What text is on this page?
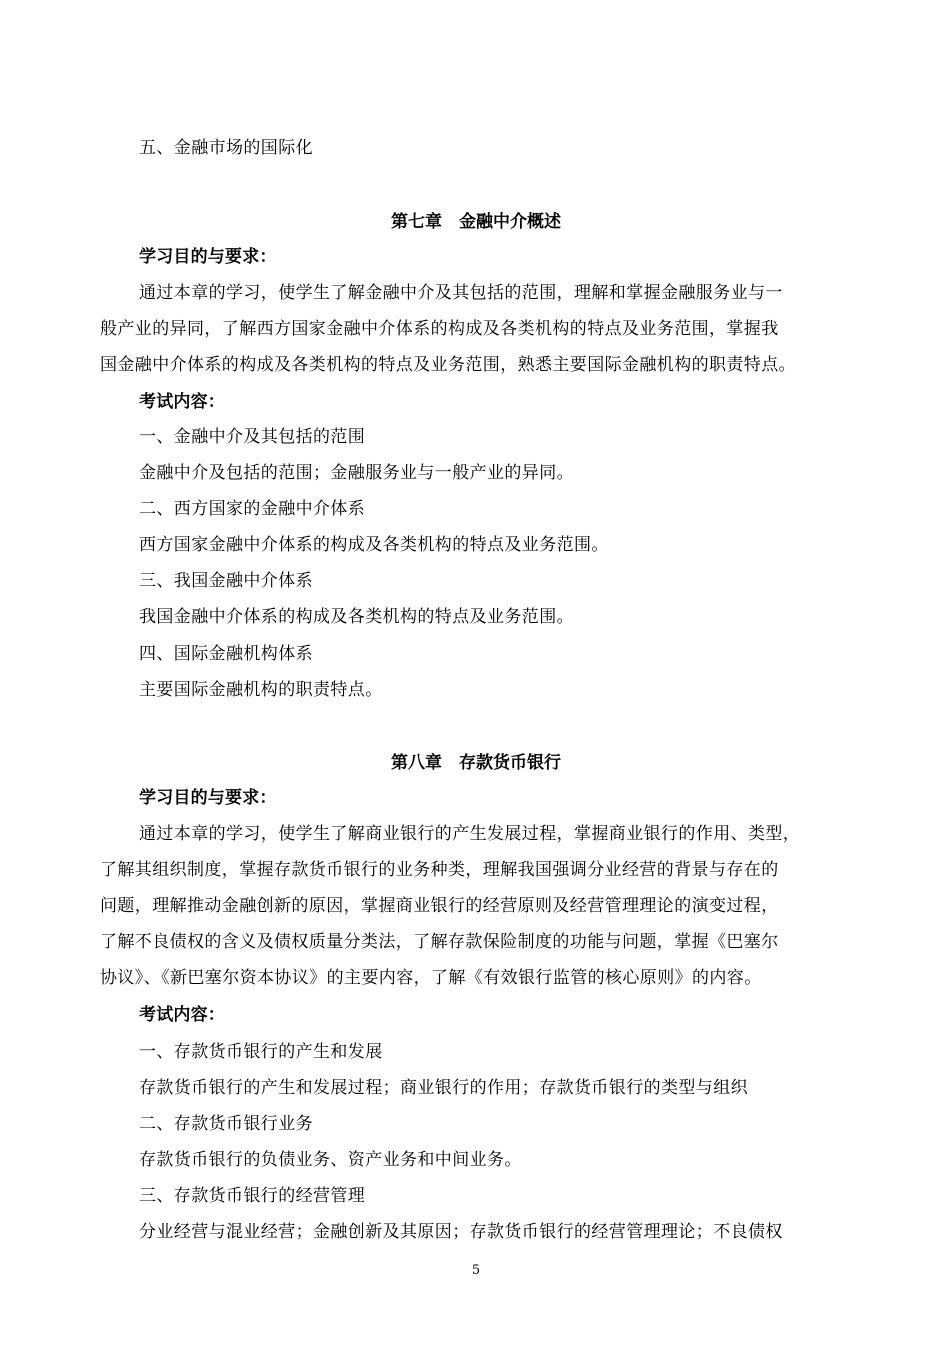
五、金融市场的国际化
第七章　金融中介概述
学习目的与要求：
通过本章的学习，使学生了解金融中介及其包括的范围，理解和掌握金融服务业与一
般产业的异同，了解西方国家金融中介体系的构成及各类机构的特点及业务范围，掌握我
国金融中介体系的构成及各类机构的特点及业务范围，熟悉主要国际金融机构的职责特点。
考试内容：
一、金融中介及其包括的范围
金融中介及包括的范围；金融服务业与一般产业的异同。
二、西方国家的金融中介体系
西方国家金融中介体系的构成及各类机构的特点及业务范围。
三、我国金融中介体系
我国金融中介体系的构成及各类机构的特点及业务范围。
四、国际金融机构体系
主要国际金融机构的职责特点。
第八章　存款货币银行
学习目的与要求：
通过本章的学习，使学生了解商业银行的产生发展过程，掌握商业银行的作用、类型，
了解其组织制度，掌握存款货币银行的业务种类，理解我国强调分业经营的背景与存在的
问题，理解推动金融创新的原因，掌握商业银行的经营原则及经营管理理论的演变过程，
了解不良债权的含义及债权质量分类法，了解存款保险制度的功能与问题，掌握《巴塞尔
协议》、《新巴塞尔资本协议》的主要内容，了解《有效银行监管的核心原则》的内容。
考试内容：
一、存款货币银行的产生和发展
存款货币银行的产生和发展过程；商业银行的作用；存款货币银行的类型与组织
二、存款货币银行业务
存款货币银行的负债业务、资产业务和中间业务。
三、存款货币银行的经营管理
分业经营与混业经营；金融创新及其原因；存款货币银行的经营管理理论；不良债权
5
